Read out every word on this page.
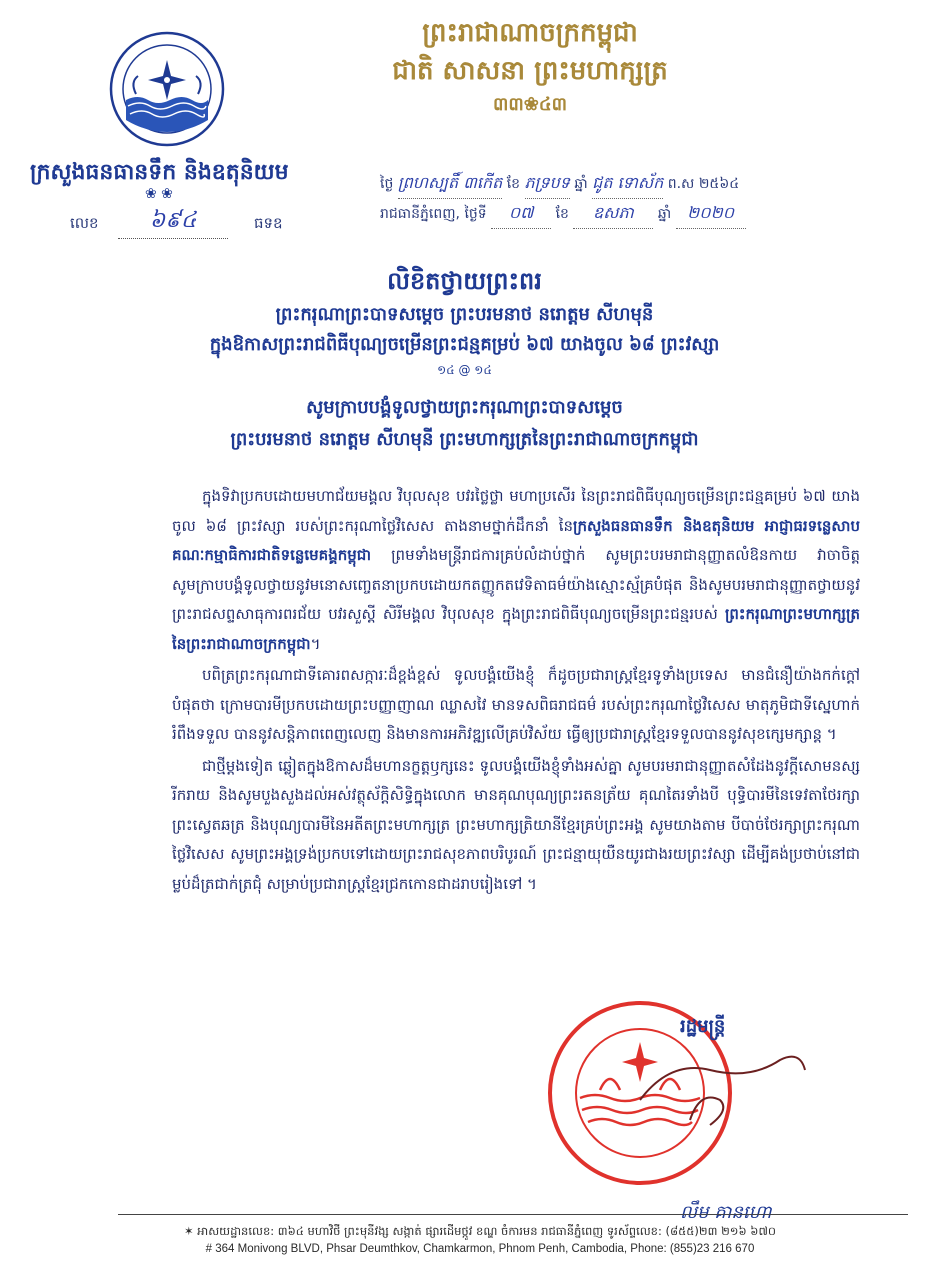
ព្រះរាជាណាចក្រកម្ពុជា
ជាតិ សាសនា ព្រះមហាក្សត្រ
៣៣❀៤៣
ក្រសួងធនធានទឹក និងឧតុនិយម
❀ ❀
លេខ	៦៩៤	ធទឧ
ថ្ងៃ ព្រហស្បតិ៍ ៣កើត ខែ ភទ្របទ ឆ្នាំ ជូត ទោស័ក ព.ស ២៥៦៤
រាជធានីភ្នំពេញ, ថ្ងៃទី ០៧ ខែ ឧសភា ឆ្នាំ ២០២០
លិខិតថ្វាយព្រះពរ
ព្រះករុណាព្រះបាទសម្តេច ព្រះបរមនាថ នរោត្តម សីហមុនី
ក្នុងឱកាសព្រះរាជពិធីបុណ្យចម្រើនព្រះជន្មគម្រប់ ៦៧ យាងចូល ៦៨ ព្រះវស្សា
១៤ @ ១៤
សូមក្រាបបង្គំទូលថ្វាយព្រះករុណាព្រះបាទសម្តេច
ព្រះបរមនាថ នរោត្តម សីហមុនី ព្រះមហាក្សត្រនៃព្រះរាជាណាចក្រកម្ពុជា

ក្នុងទិវាប្រកបដោយមហាជ័យមង្គល វិបុលសុខ បវរថ្លៃថ្លា មហាប្រសើរ នៃព្រះរាជពិធីបុណ្យចម្រើនព្រះជន្មគម្រប់ ៦៧ យាងចូល ៦៨ ព្រះវស្សា របស់ព្រះករុណាថ្លៃវិសេស តាងនាមថ្នាក់ដឹកនាំ នៃក្រសួងធនធានទឹក និងឧតុនិយម អាជ្ញាធរទន្លេសាប គណៈកម្មាធិការជាតិទន្លេមេគង្គកម្ពុជា ព្រមទាំងមន្ត្រីរាជការគ្រប់លំដាប់ថ្នាក់ សូមព្រះបរមរាជានុញ្ញាតលំឱនកាយ វាចាចិត្ត សូមក្រាបបង្គំទូលថ្វាយនូវមនោសញ្ចេតនាប្រកបដោយកតញ្ញូកតវេទិតាធម៌យ៉ាងស្មោះស្ម័គ្របំផុត និងសូមបរមរាជានុញ្ញាតថ្វាយនូវព្រះរាជសព្ទសាធុការពរជ័យ បវរសួស្តី សិរីមង្គល វិបុលសុខ ក្នុងព្រះរាជពិធីបុណ្យចម្រើនព្រះជន្មរបស់ ព្រះករុណាព្រះមហាក្សត្រនៃព្រះរាជាណាចក្រកម្ពុជា។

បពិត្រព្រះករុណាជាទីគោរពសក្ការៈដ៏ខ្ពង់ខ្ពស់ ទូលបង្គំយើងខ្ញុំ ក៏ដូចប្រជារាស្ត្រខ្មែរទូទាំងប្រទេស មានជំនឿយ៉ាងកក់ក្តៅបំផុតថា ក្រោមបារមីប្រកបដោយព្រះបញ្ញាញាណ ឈ្លាសវៃ មានទសពិធរាជធម៌ របស់ព្រះករុណាថ្លៃវិសេស មាតុភូមិជាទីស្នេហាក់រំពឹងទទួល បាននូវសន្តិភាពពេញលេញ និងមានការអភិវឌ្ឍលើគ្រប់វិស័យ ធ្វើឲ្យប្រជារាស្ត្រខ្មែរទទួលបាននូវសុខក្សេមក្សាន្ត ។

ជាថ្មីម្តងទៀត ឆ្លៀតក្នុងឱកាសដ៏មហានក្ខត្តឫក្សនេះ ទូលបង្គំយើងខ្ញុំទាំងអស់គ្នា សូមបរមរាជានុញ្ញាតសំដែងនូវក្តីសោមនស្សរីករាយ និងសូមបួងសួងដល់អស់វត្ថុស័ក្តិសិទ្ធិក្នុងលោក មានគុណបុណ្យព្រះរតនត្រ័យ គុណតៃរទាំងបី បុទ្ធិបារមីនៃទេវតាថែរក្សា ព្រះស្វេតឆត្រ និងបុណ្យបារមីនៃអតីតព្រះមហាក្សត្រ ព្រះមហាក្សត្រិយានីខ្មែរគ្រប់ព្រះអង្គ សូមយាងតាម បីបាច់ថែរក្សាព្រះករុណាថ្លៃវិសេស សូមព្រះអង្គទ្រង់ប្រកបទៅដោយព្រះរាជសុខភាពបរិបូរណ៍ ព្រះជន្មាយុយឺនយូរជាងរយព្រះវស្សា ដើម្បីគង់ប្រថាប់នៅជាម្លប់ដ៏ត្រជាក់ត្រជុំ សម្រាប់ប្រជារាស្ត្រខ្មែរជ្រកកោនជាដរាបរៀងទៅ ។

រដ្ឋមន្ត្រី
លឹម គានហោ
✶ អាសយដ្ឋានលេខ: ៣៦៤ មហាវិថី ព្រះមុនីវង្ស សង្កាត់ ផ្សារដើមថ្កូវ ខណ្ឌ ចំការមន រាជធានីភ្នំពេញ ទូរស័ព្ទលេខ: (៨៥៥)២៣ ២១៦ ៦៧០
# 364 Monivong BLVD, Phsar Deumthkov, Chamkarmon, Phnom Penh, Cambodia, Phone: (855)23 216 670
